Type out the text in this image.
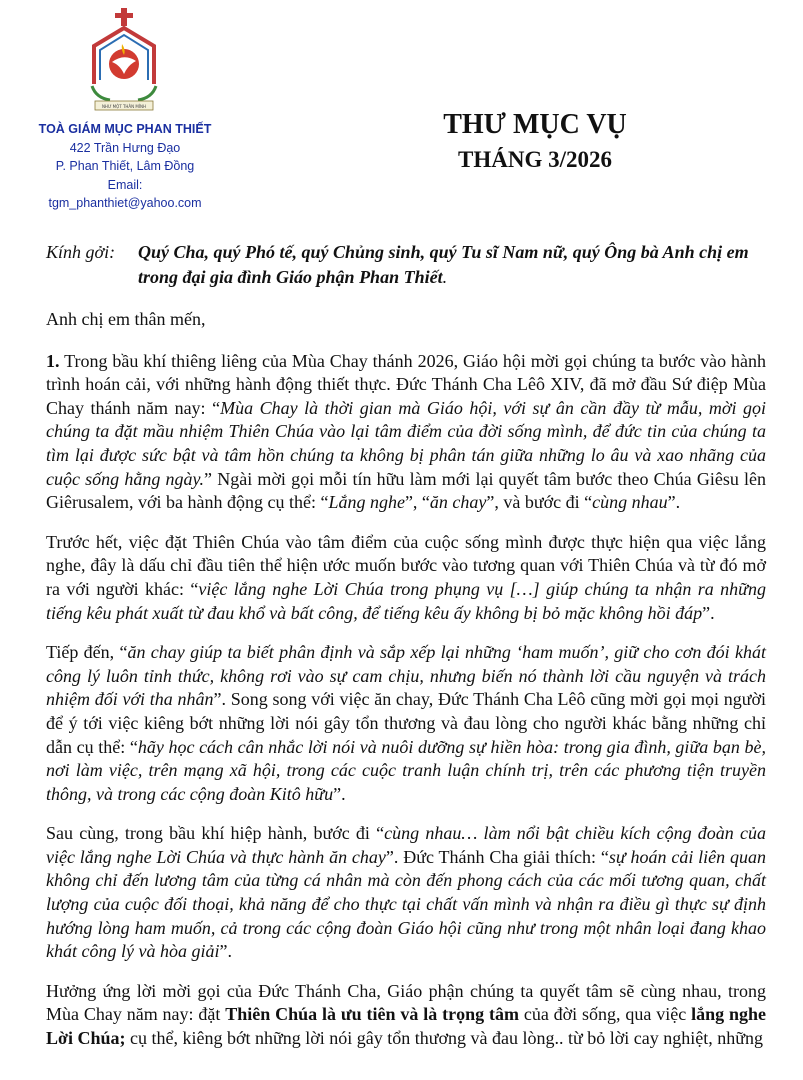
NHƯ MỘT THÂN MÌNH
TOÀ GIÁM MỤC PHAN THIẾT
422 Trần Hưng Đạo
P. Phan Thiết, Lâm Đồng
Email: tgm_phanthiet@yahoo.com
THƯ MỤC VỤ
THÁNG 3/2026
Kính gởi: Quý Cha, quý Phó tế, quý Chủng sinh, quý Tu sĩ Nam nữ, quý Ông bà Anh chị em
trong đại gia đình Giáo phận Phan Thiết.

Anh chị em thân mến,

1. Trong bầu khí thiêng liêng của Mùa Chay thánh 2026, Giáo hội mời gọi chúng ta bước vào hành trình hoán cải, với những hành động thiết thực. Đức Thánh Cha Lêô XIV, đã mở đầu Sứ điệp Mùa Chay thánh năm nay: “Mùa Chay là thời gian mà Giáo hội, với sự ân cần đầy từ mẫu, mời gọi chúng ta đặt mầu nhiệm Thiên Chúa vào lại tâm điểm của đời sống mình, để đức tin của chúng ta tìm lại được sức bật và tâm hồn chúng ta không bị phân tán giữa những lo âu và xao nhãng của cuộc sống hằng ngày.” Ngài mời gọi mỗi tín hữu làm mới lại quyết tâm bước theo Chúa Giêsu lên Giêrusalem, với ba hành động cụ thể: “Lắng nghe”, “ăn chay”, và bước đi “cùng nhau”.

Trước hết, việc đặt Thiên Chúa vào tâm điểm của cuộc sống mình được thực hiện qua việc lắng nghe, đây là dấu chỉ đầu tiên thể hiện ước muốn bước vào tương quan với Thiên Chúa và từ đó mở ra với người khác: “việc lắng nghe Lời Chúa trong phụng vụ […] giúp chúng ta nhận ra những tiếng kêu phát xuất từ đau khổ và bất công, để tiếng kêu ấy không bị bỏ mặc không hồi đáp”.

Tiếp đến, “ăn chay giúp ta biết phân định và sắp xếp lại những ‘ham muốn’, giữ cho cơn đói khát công lý luôn tỉnh thức, không rơi vào sự cam chịu, nhưng biến nó thành lời cầu nguyện và trách nhiệm đối với tha nhân”. Song song với việc ăn chay, Đức Thánh Cha Lêô cũng mời gọi mọi người để ý tới việc kiêng bớt những lời nói gây tổn thương và đau lòng cho người khác bằng những chỉ dẫn cụ thể: “hãy học cách cân nhắc lời nói và nuôi dưỡng sự hiền hòa: trong gia đình, giữa bạn bè, nơi làm việc, trên mạng xã hội, trong các cuộc tranh luận chính trị, trên các phương tiện truyền thông, và trong các cộng đoàn Kitô hữu”.

Sau cùng, trong bầu khí hiệp hành, bước đi “cùng nhau… làm nổi bật chiều kích cộng đoàn của việc lắng nghe Lời Chúa và thực hành ăn chay”. Đức Thánh Cha giải thích: “sự hoán cải liên quan không chỉ đến lương tâm của từng cá nhân mà còn đến phong cách của các mối tương quan, chất lượng của cuộc đối thoại, khả năng để cho thực tại chất vấn mình và nhận ra điều gì thực sự định hướng lòng ham muốn, cả trong các cộng đoàn Giáo hội cũng như trong một nhân loại đang khao khát công lý và hòa giải”.

Hưởng ứng lời mời gọi của Đức Thánh Cha, Giáo phận chúng ta quyết tâm sẽ cùng nhau, trong Mùa Chay năm nay: đặt Thiên Chúa là ưu tiên và là trọng tâm của đời sống, qua việc lắng nghe Lời Chúa; cụ thể, kiêng bớt những lời nói gây tổn thương và đau lòng.. từ bỏ lời cay nghiệt, những
